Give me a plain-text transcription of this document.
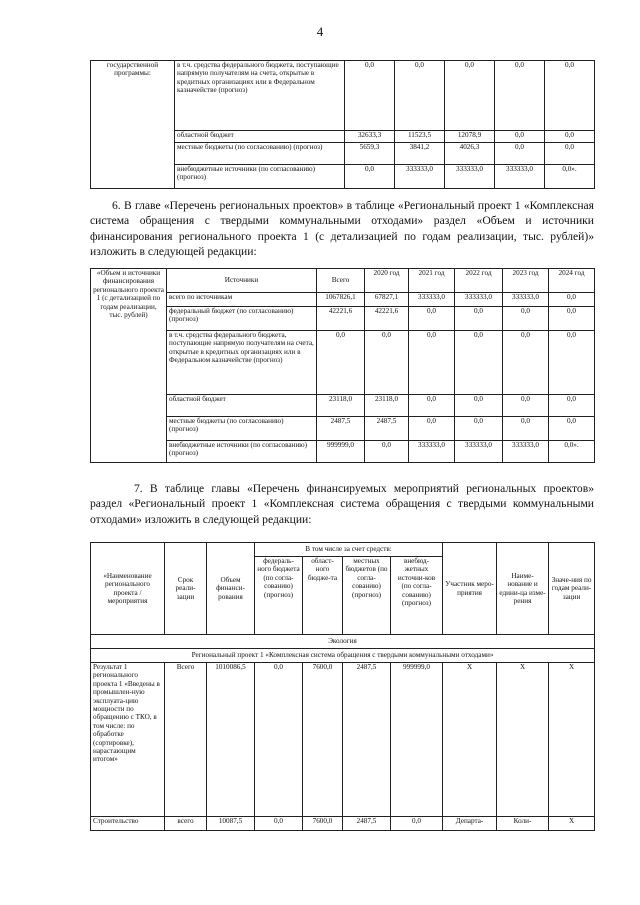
4
государственной программы:	в т.ч. средства федерального бюджета, поступающие напрямую получателям на счета, открытые в кредитных организациях или в Федеральном казначействе (прогноз)	0,0	0,0	0,0	0,0	0,0
	областной бюджет	32633,3	11523,5	12078,9	0,0	0,0
	местные бюджеты (по согласованию) (прогноз)	5659,3	3841,2	4026,3	0,0	0,0
	внебюджетные источники (по согласованию) (прогноз)	0,0	333333,0	333333,0	333333,0	0,0».
6. В главе «Перечень региональных проектов» в таблице «Региональный проект 1 «Комплексная система обращения с твердыми коммунальными отходами» раздел «Объем и источники финансирования регионального проекта 1 (с детализацией по годам реализации, тыс. рублей)» изложить в следующей редакции:
«Объем и источники финансирования регионального проекта 1 (с детализацией по годам реализации, тыс. рублей)	Источники	Всего	2020 год	2021 год	2022 год	2023 год	2024 год
	всего по источникам	1067826,1	67827,1	333333,0	333333,0	333333,0	0,0
	федеральный бюджет (по согласованию) (прогноз)	42221,6	42221,6	0,0	0,0	0,0	0,0
	в т.ч. средства федерального бюджета, поступающие напрямую получателям на счета, открытые в кредитных организациях или в Федеральном казначействе (прогноз)	0,0	0,0	0,0	0,0	0,0	0,0
	областной бюджет	23118,0	23118,0	0,0	0,0	0,0	0,0
	местные бюджеты (по согласованию) (прогноз)	2487,5	2487,5	0,0	0,0	0,0	0,0
	внебюджетные источники (по согласованию) (прогноз)	999999,0	0,0	333333,0	333333,0	333333,0	0,0».
7. В таблице главы «Перечень финансируемых мероприятий региональных проектов» раздел «Региональный проект 1 «Комплексная система обращения с твердыми коммунальными отходами» изложить в следующей редакции:
«Наименование регионального проекта / мероприятия	Срок реали-зации	Объем финанси-рования	В том числе за счет средств:				Участник меро-приятия	Наиме-нование и едини-ца изме-рения	Значе-ния по годам реали-зации
			федераль-ного бюджета (по согла-сованию) (прогноз)	област-ного бюдже-та	местных бюджетов (по согла-сованию) (прогноз)	внебюд-жетных источни-ков (по согла-сованию) (прогноз)			
Экология									
Региональный проект 1 «Комплексная система обращения с твердыми коммунальными отходами»									
Результат 1 регионального проекта 1 «Введены в промышлен-ную эксплуата-цию мощности по обращению с ТКО, в том числе: по обработке (сортировке), нарастающим итогом»	Всего	1010086,5	0,0	7600,0	2487,5	999999,0	Х	Х	Х
Строительство	всего	10087,5	0,0	7600,0	2487,5	0,0	Департа-	Коли-	Х
